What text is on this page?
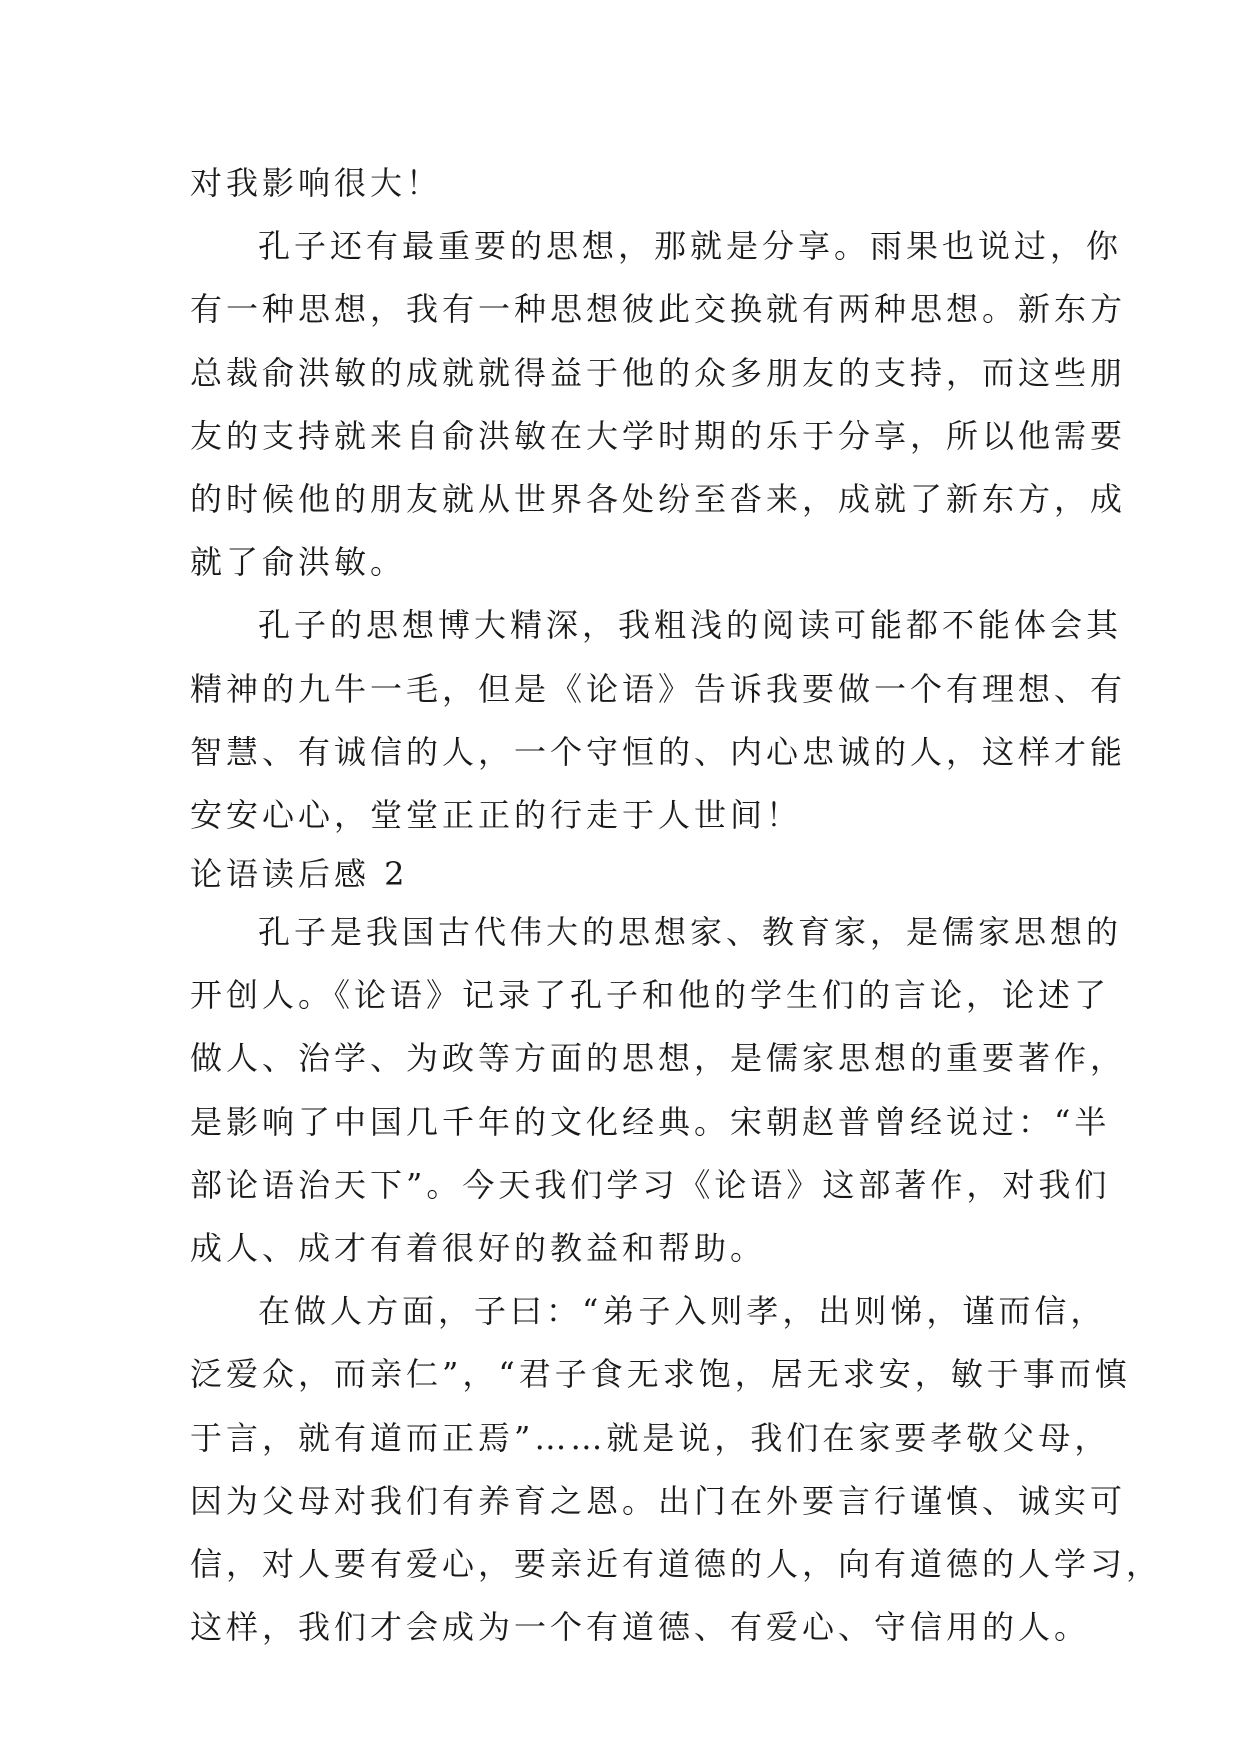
对我影响很大！
孔子还有最重要的思想，那就是分享。雨果也说过，你
有一种思想，我有一种思想彼此交换就有两种思想。新东方
总裁俞洪敏的成就就得益于他的众多朋友的支持，而这些朋
友的支持就来自俞洪敏在大学时期的乐于分享，所以他需要
的时候他的朋友就从世界各处纷至沓来，成就了新东方，成
就了俞洪敏。
孔子的思想博大精深，我粗浅的阅读可能都不能体会其
精神的九牛一毛，但是《论语》告诉我要做一个有理想、有
智慧、有诚信的人，一个守恒的、内心忠诚的人，这样才能
安安心心，堂堂正正的行走于人世间！
论语读后感 2
孔子是我国古代伟大的思想家、教育家，是儒家思想的
开创人。《论语》记录了孔子和他的学生们的言论，论述了
做人、治学、为政等方面的思想，是儒家思想的重要著作，
是影响了中国几千年的文化经典。宋朝赵普曾经说过：“半
部论语治天下”。今天我们学习《论语》这部著作，对我们
成人、成才有着很好的教益和帮助。
在做人方面，子曰：“弟子入则孝，出则悌，谨而信，
泛爱众，而亲仁”，“君子食无求饱，居无求安，敏于事而慎
于言，就有道而正焉”……就是说，我们在家要孝敬父母，
因为父母对我们有养育之恩。出门在外要言行谨慎、诚实可
信，对人要有爱心，要亲近有道德的人，向有道德的人学习，
这样，我们才会成为一个有道德、有爱心、守信用的人。
